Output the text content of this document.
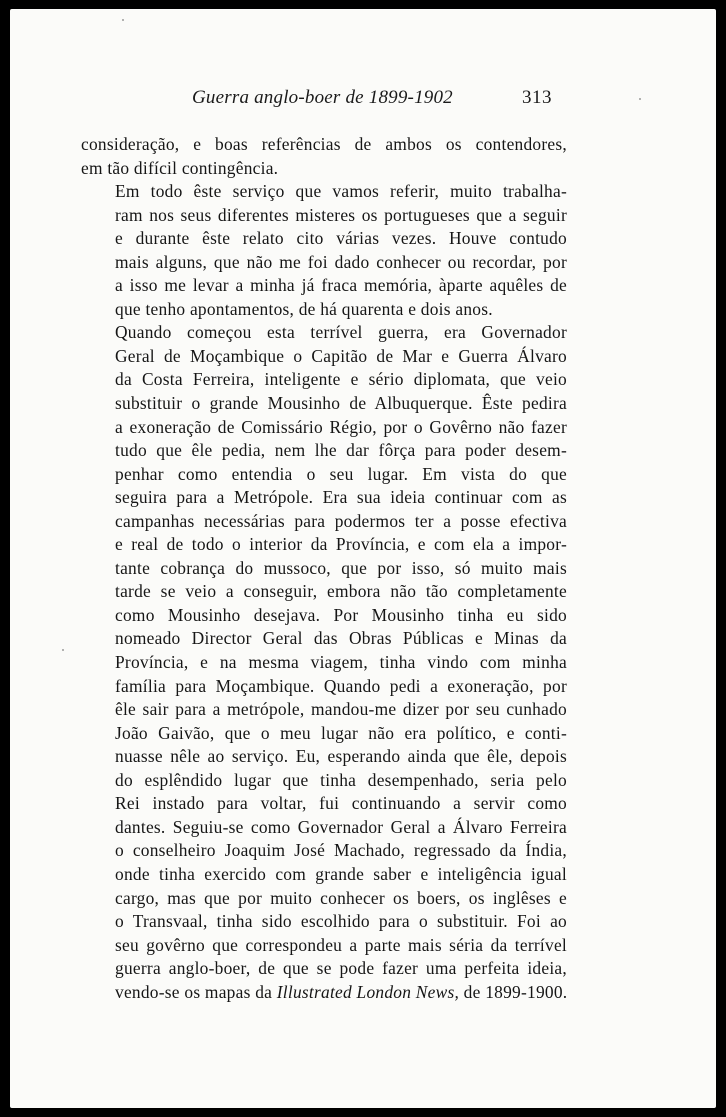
Guerra anglo-boer de 1899-1902	313

consideração, e boas referências de ambos os contendores,
em tão difícil contingência.

Em todo êste serviço que vamos referir, muito trabalha-
ram nos seus diferentes misteres os portugueses que a seguir
e durante êste relato cito várias vezes. Houve contudo
mais alguns, que não me foi dado conhecer ou recordar, por
a isso me levar a minha já fraca memória, àparte aquêles de
que tenho apontamentos, de há quarenta e dois anos.

Quando começou esta terrível guerra, era Governador
Geral de Moçambique o Capitão de Mar e Guerra Álvaro
da Costa Ferreira, inteligente e sério diplomata, que veio
substituir o grande Mousinho de Albuquerque. Êste pedira
a exoneração de Comissário Régio, por o Govêrno não fazer
tudo que êle pedia, nem lhe dar fôrça para poder desem-
penhar como entendia o seu lugar. Em vista do que
seguira para a Metrópole. Era sua ideia continuar com as
campanhas necessárias para podermos ter a posse efectiva
e real de todo o interior da Província, e com ela a impor-
tante cobrança do mussoco, que por isso, só muito mais
tarde se veio a conseguir, embora não tão completamente
como Mousinho desejava. Por Mousinho tinha eu sido
nomeado Director Geral das Obras Públicas e Minas da
Província, e na mesma viagem, tinha vindo com minha
família para Moçambique. Quando pedi a exoneração, por
êle sair para a metrópole, mandou-me dizer por seu cunhado
João Gaivão, que o meu lugar não era político, e conti-
nuasse nêle ao serviço. Eu, esperando ainda que êle, depois
do esplêndido lugar que tinha desempenhado, seria pelo
Rei instado para voltar, fui continuando a servir como
dantes. Seguiu-se como Governador Geral a Álvaro Ferreira
o conselheiro Joaquim José Machado, regressado da Índia,
onde tinha exercido com grande saber e inteligência igual
cargo, mas que por muito conhecer os boers, os inglêses e
o Transvaal, tinha sido escolhido para o substituir. Foi ao
seu govêrno que correspondeu a parte mais séria da terrível
guerra anglo-boer, de que se pode fazer uma perfeita ideia,
vendo-se os mapas da Illustrated London News, de 1899-1900.
